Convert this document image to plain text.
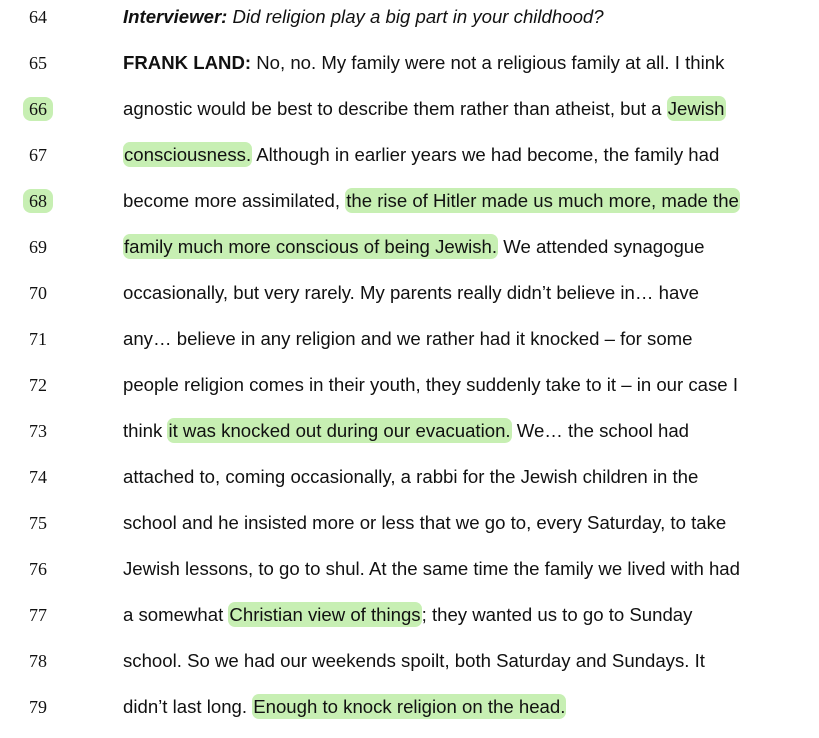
64	Interviewer: Did religion play a big part in your childhood?
65	FRANK LAND: No, no. My family were not a religious family at all. I think
66	agnostic would be best to describe them rather than atheist, but a Jewish
67	consciousness. Although in earlier years we had become, the family had
68	become more assimilated, the rise of Hitler made us much more, made the
69	family much more conscious of being Jewish. We attended synagogue
70	occasionally, but very rarely. My parents really didn’t believe in… have
71	any… believe in any religion and we rather had it knocked – for some
72	people religion comes in their youth, they suddenly take to it – in our case I
73	think it was knocked out during our evacuation. We… the school had
74	attached to, coming occasionally, a rabbi for the Jewish children in the
75	school and he insisted more or less that we go to, every Saturday, to take
76	Jewish lessons, to go to shul. At the same time the family we lived with had
77	a somewhat Christian view of things; they wanted us to go to Sunday
78	school. So we had our weekends spoilt, both Saturday and Sundays. It
79	didn’t last long. Enough to knock religion on the head.
